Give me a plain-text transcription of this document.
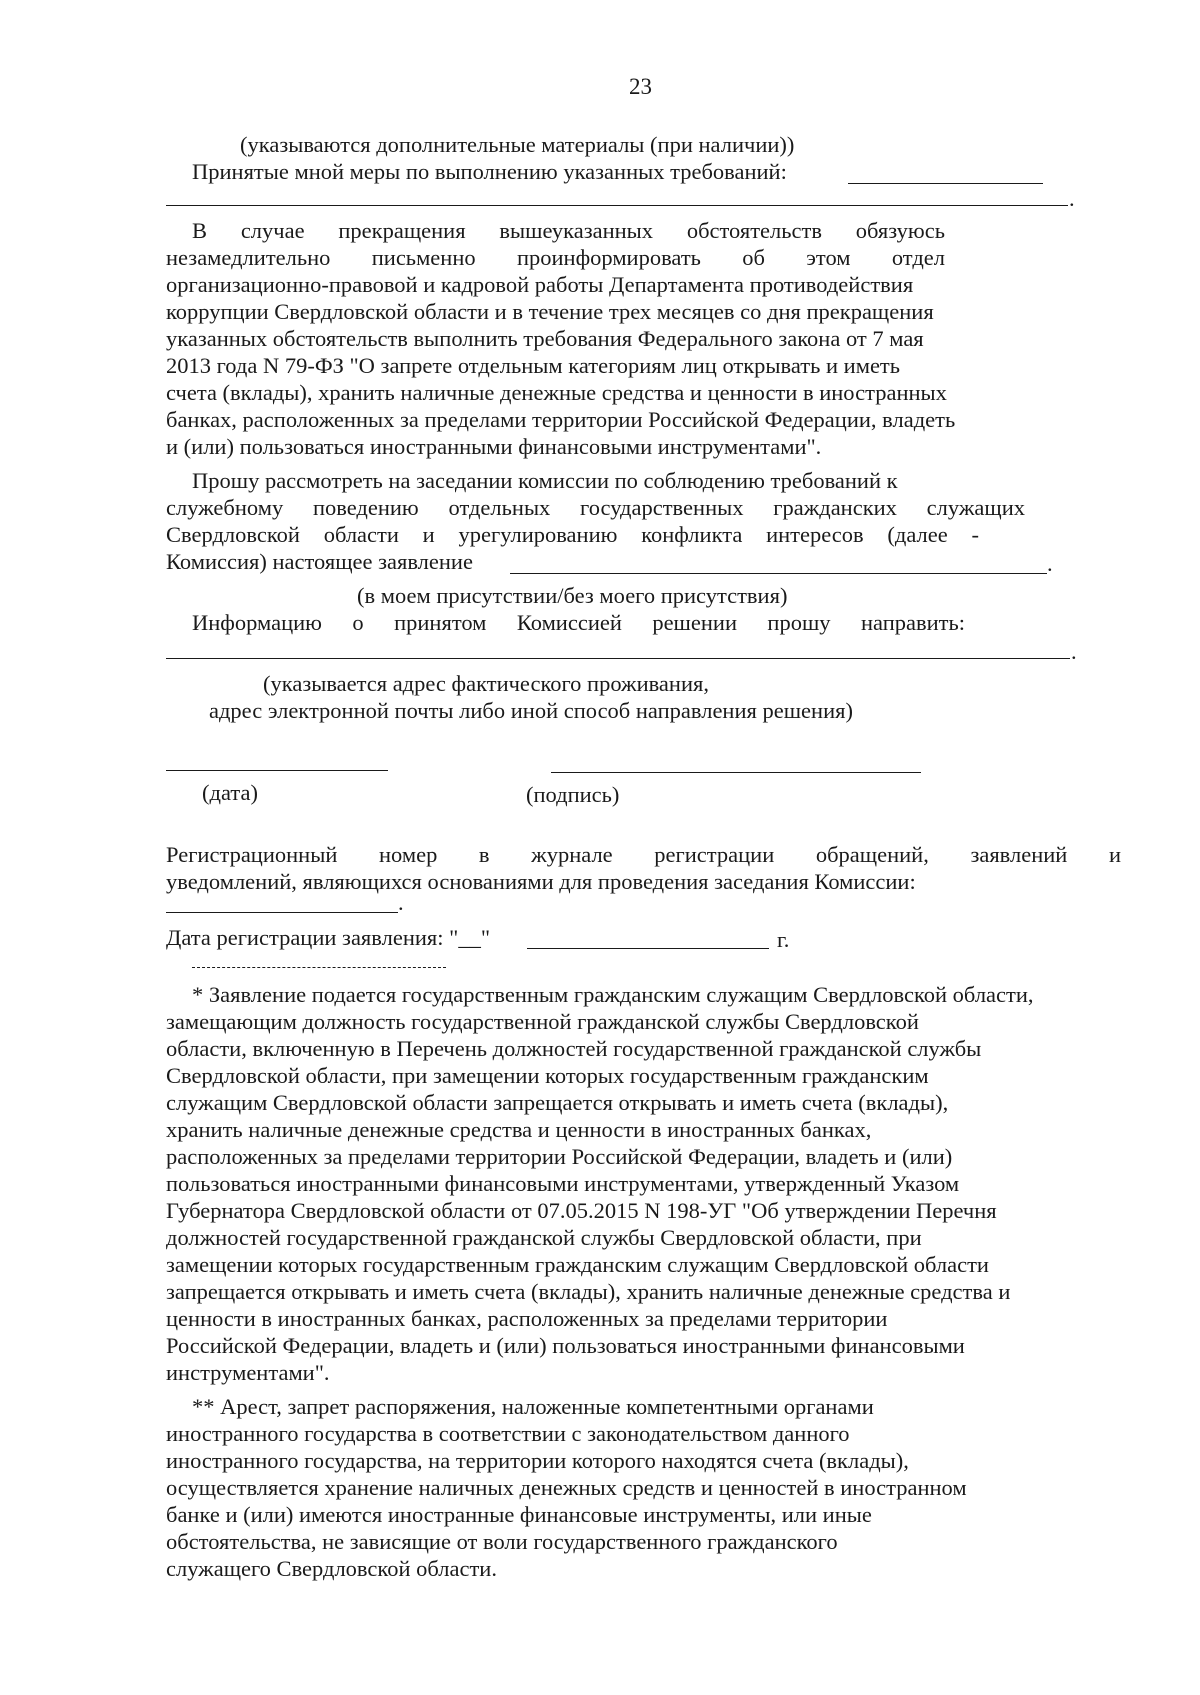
23
(указываются дополнительные материалы (при наличии))
Принятые мной меры по выполнению указанных требований:
.
В случае прекращения вышеуказанных обстоятельств обязуюсь
незамедлительно письменно проинформировать об этом отдел
организационно-правовой и кадровой работы Департамента противодействия
коррупции Свердловской области и в течение трех месяцев со дня прекращения
указанных обстоятельств выполнить требования Федерального закона от 7 мая
2013 года N 79-ФЗ "О запрете отдельным категориям лиц открывать и иметь
счета (вклады), хранить наличные денежные средства и ценности в иностранных
банках, расположенных за пределами территории Российской Федерации, владеть
и (или) пользоваться иностранными финансовыми инструментами".
Прошу рассмотреть на заседании комиссии по соблюдению требований к
служебному поведению отдельных государственных гражданских служащих
Свердловской области и урегулированию конфликта интересов (далее -
Комиссия) настоящее заявление	.
(в моем присутствии/без моего присутствия)
Информацию о принятом Комиссией решении прошу направить:
.
(указывается адрес фактического проживания,
адрес электронной почты либо иной способ направления решения)
(дата)	(подпись)
Регистрационный номер в журнале регистрации обращений, заявлений и
уведомлений, являющихся основаниями для проведения заседания Комиссии:
.
Дата регистрации заявления: "__"	г.
* Заявление подается государственным гражданским служащим Свердловской области,
замещающим должность государственной гражданской службы Свердловской
области, включенную в Перечень должностей государственной гражданской службы
Свердловской области, при замещении которых государственным гражданским
служащим Свердловской области запрещается открывать и иметь счета (вклады),
хранить наличные денежные средства и ценности в иностранных банках,
расположенных за пределами территории Российской Федерации, владеть и (или)
пользоваться иностранными финансовыми инструментами, утвержденный Указом
Губернатора Свердловской области от 07.05.2015 N 198-УГ "Об утверждении Перечня
должностей государственной гражданской службы Свердловской области, при
замещении которых государственным гражданским служащим Свердловской области
запрещается открывать и иметь счета (вклады), хранить наличные денежные средства и
ценности в иностранных банках, расположенных за пределами территории
Российской Федерации, владеть и (или) пользоваться иностранными финансовыми
инструментами".
** Арест, запрет распоряжения, наложенные компетентными органами
иностранного государства в соответствии с законодательством данного
иностранного государства, на территории которого находятся счета (вклады),
осуществляется хранение наличных денежных средств и ценностей в иностранном
банке и (или) имеются иностранные финансовые инструменты, или иные
обстоятельства, не зависящие от воли государственного гражданского
служащего Свердловской области.
